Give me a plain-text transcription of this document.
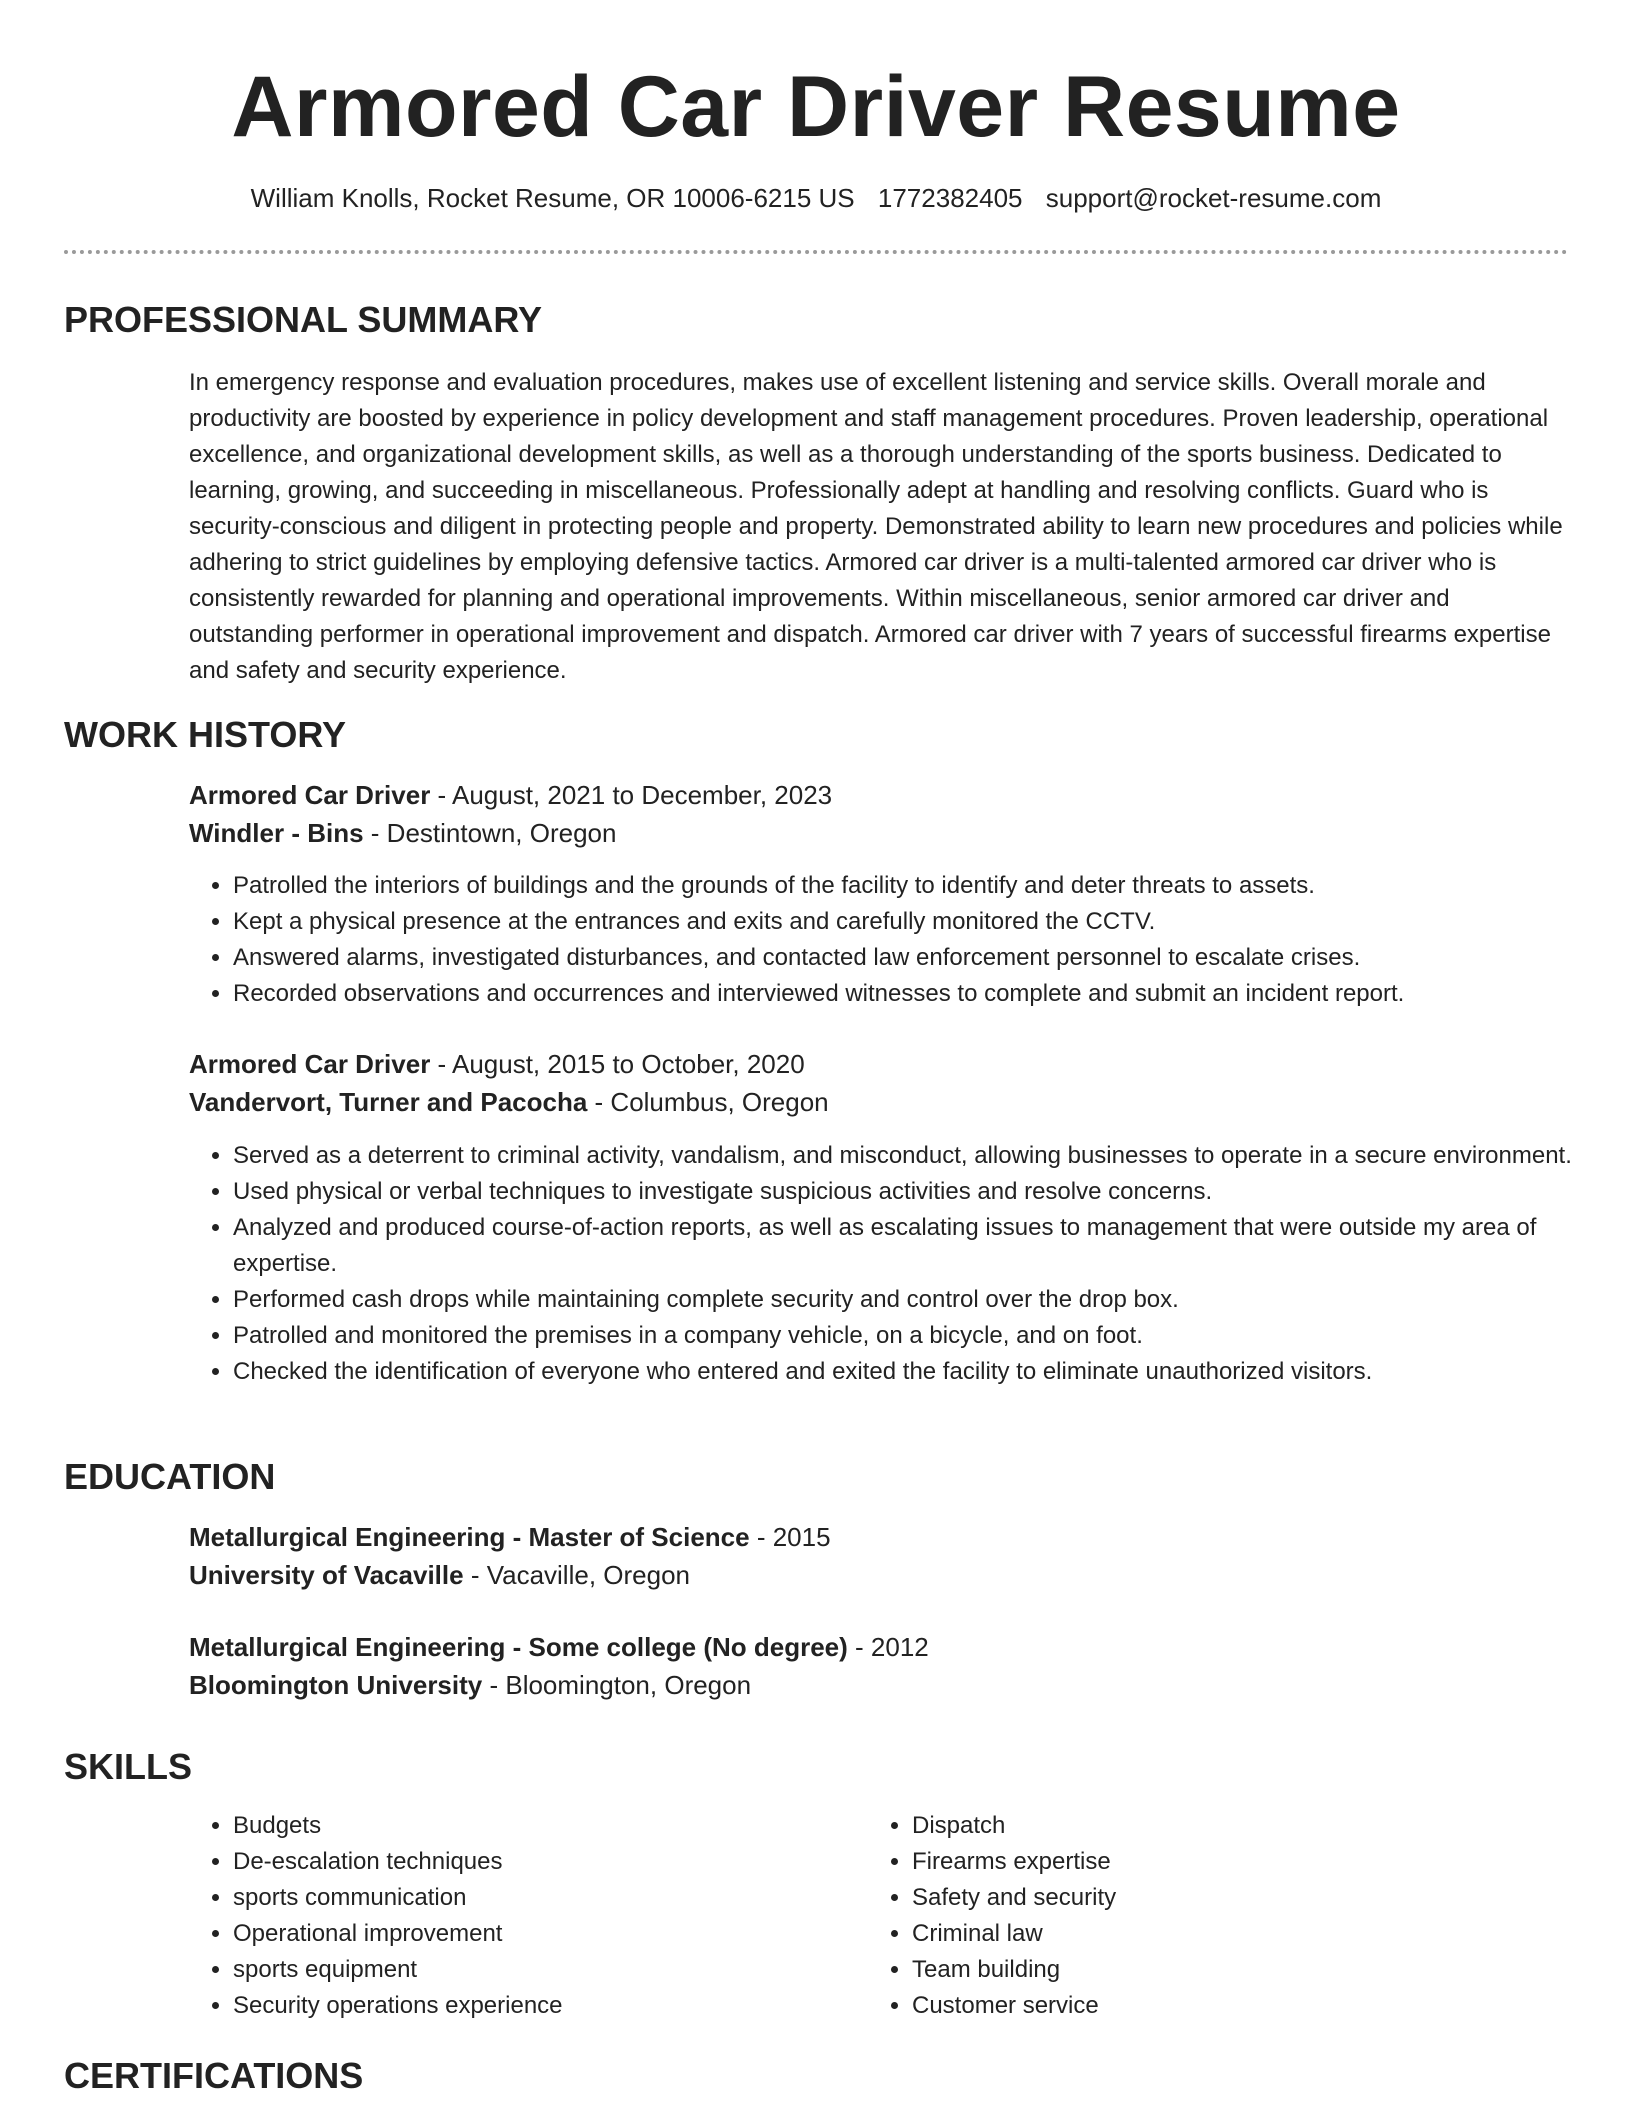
Armored Car Driver Resume
William Knolls, Rocket Resume, OR 10006-6215 US 1772382405 support@rocket-resume.com
PROFESSIONAL SUMMARY

In emergency response and evaluation procedures, makes use of excellent listening and service skills. Overall morale and productivity are boosted by experience in policy development and staff management procedures. Proven leadership, operational excellence, and organizational development skills, as well as a thorough understanding of the sports business. Dedicated to learning, growing, and succeeding in miscellaneous. Professionally adept at handling and resolving conflicts. Guard who is security-conscious and diligent in protecting people and property. Demonstrated ability to learn new procedures and policies while adhering to strict guidelines by employing defensive tactics. Armored car driver is a multi-talented armored car driver who is consistently rewarded for planning and operational improvements. Within miscellaneous, senior armored car driver and outstanding performer in operational improvement and dispatch. Armored car driver with 7 years of successful firearms expertise and safety and security experience.

WORK HISTORY
Armored Car Driver - August, 2021 to December, 2023
Windler - Bins - Destintown, Oregon
• Patrolled the interiors of buildings and the grounds of the facility to identify and deter threats to assets.
• Kept a physical presence at the entrances and exits and carefully monitored the CCTV.
• Answered alarms, investigated disturbances, and contacted law enforcement personnel to escalate crises.
• Recorded observations and occurrences and interviewed witnesses to complete and submit an incident report.
Armored Car Driver - August, 2015 to October, 2020
Vandervort, Turner and Pacocha - Columbus, Oregon
• Served as a deterrent to criminal activity, vandalism, and misconduct, allowing businesses to operate in a secure environment.
• Used physical or verbal techniques to investigate suspicious activities and resolve concerns.
• Analyzed and produced course-of-action reports, as well as escalating issues to management that were outside my area of expertise.
• Performed cash drops while maintaining complete security and control over the drop box.
• Patrolled and monitored the premises in a company vehicle, on a bicycle, and on foot.
• Checked the identification of everyone who entered and exited the facility to eliminate unauthorized visitors.
EDUCATION
Metallurgical Engineering - Master of Science - 2015
University of Vacaville - Vacaville, Oregon
Metallurgical Engineering - Some college (No degree) - 2012
Bloomington University - Bloomington, Oregon
SKILLS
• Budgets
• De-escalation techniques
• sports communication
• Operational improvement
• sports equipment
• Security operations experience
• Dispatch
• Firearms expertise
• Safety and security
• Criminal law
• Team building
• Customer service
CERTIFICATIONS
